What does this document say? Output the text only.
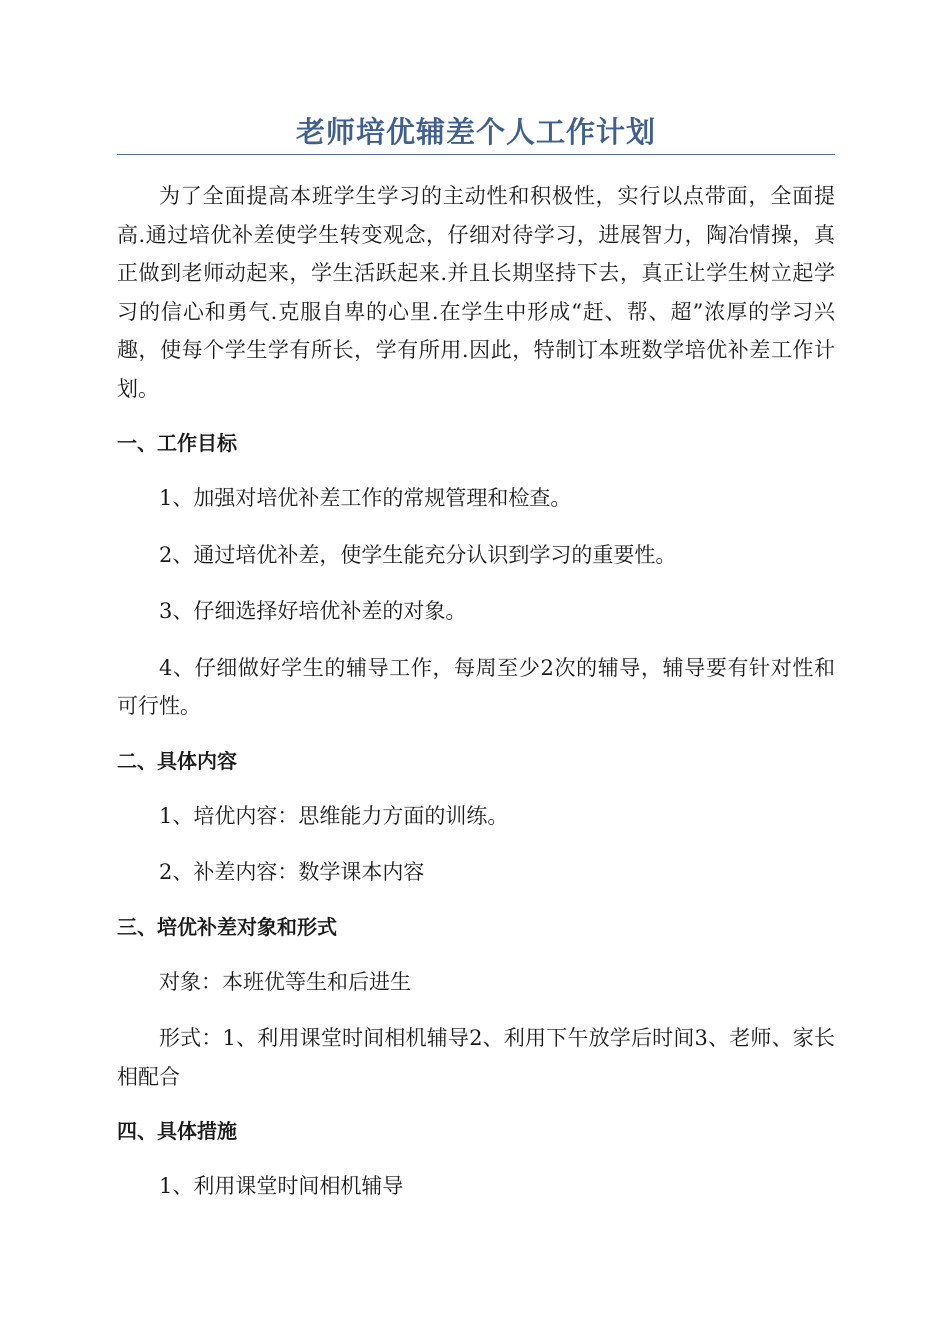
老师培优辅差个人工作计划

为了全面提高本班学生学习的主动性和积极性，实行以点带面，全面提高.通过培优补差使学生转变观念，仔细对待学习，进展智力，陶冶情操，真正做到老师动起来，学生活跃起来.并且长期坚持下去，真正让学生树立起学习的信心和勇气.克服自卑的心里.在学生中形成“赶、帮、超”浓厚的学习兴趣，使每个学生学有所长，学有所用.因此，特制订本班数学培优补差工作计划。

一、工作目标

1、加强对培优补差工作的常规管理和检查。

2、通过培优补差，使学生能充分认识到学习的重要性。

3、仔细选择好培优补差的对象。

4、仔细做好学生的辅导工作，每周至少2次的辅导，辅导要有针对性和可行性。

二、具体内容

1、培优内容：思维能力方面的训练。

2、补差内容：数学课本内容

三、培优补差对象和形式

对象：本班优等生和后进生

形式：1、利用课堂时间相机辅导2、利用下午放学后时间3、老师、家长相配合

四、具体措施

1、利用课堂时间相机辅导
